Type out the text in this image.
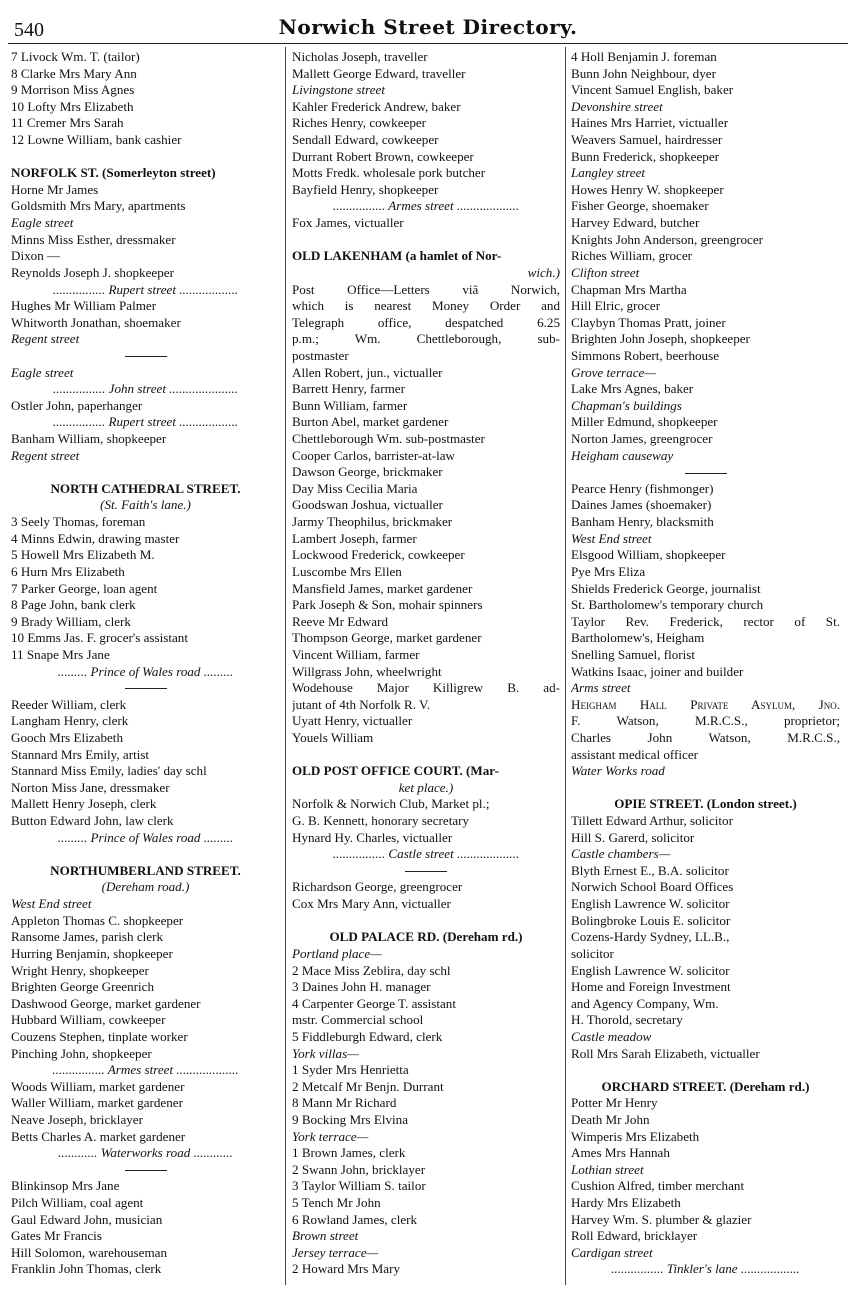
540	Norwich Street Directory.
7 Livock Wm. T. (tailor)
8 Clarke Mrs Mary Ann
9 Morrison Miss Agnes
10 Lofty Mrs Elizabeth
11 Cremer Mrs Sarah
12 Lowne William, bank cashier
NORFOLK ST. (Somerleyton street)
Horne Mr James
Goldsmith Mrs Mary, apartments
Eagle street
Minns Miss Esther, dressmaker
Dixon —
Reynolds Joseph J. shopkeeper
................ Rupert street ..................
Hughes Mr William Palmer
Whitworth Jonathan, shoemaker
Regent street
Eagle street
................ John street .....................
Ostler John, paperhanger
................ Rupert street ..................
Banham William, shopkeeper
Regent street
NORTH CATHEDRAL STREET.
(St. Faith's lane.)
3 Seely Thomas, foreman
4 Minns Edwin, drawing master
5 Howell Mrs Elizabeth M.
6 Hurn Mrs Elizabeth
7 Parker George, loan agent
8 Page John, bank clerk
9 Brady William, clerk
10 Emms Jas. F. grocer's assistant
11 Snape Mrs Jane
......... Prince of Wales road .........
Reeder William, clerk
Langham Henry, clerk
Gooch Mrs Elizabeth
Stannard Mrs Emily, artist
Stannard Miss Emily, ladies' day schl
Norton Miss Jane, dressmaker
Mallett Henry Joseph, clerk
Button Edward John, law clerk
......... Prince of Wales road .........
NORTHUMBERLAND STREET.
(Dereham road.)
West End street
Appleton Thomas C. shopkeeper
Ransome James, parish clerk
Hurring Benjamin, shopkeeper
Wright Henry, shopkeeper
Brighten George Greenrich
Dashwood George, market gardener
Hubbard William, cowkeeper
Couzens Stephen, tinplate worker
Pinching John, shopkeeper
................ Armes street ...................
Woods William, market gardener
Waller William, market gardener
Neave Joseph, bricklayer
Betts Charles A. market gardener
............ Waterworks road ............
Blinkinsop Mrs Jane
Pilch William, coal agent
Gaul Edward John, musician
Gates Mr Francis
Hill Solomon, warehouseman
Franklin John Thomas, clerk
Nicholas Joseph, traveller
Mallett George Edward, traveller
Livingstone street
Kahler Frederick Andrew, baker
Riches Henry, cowkeeper
Sendall Edward, cowkeeper
Durrant Robert Brown, cowkeeper
Motts Fredk. wholesale pork butcher
Bayfield Henry, shopkeeper
................ Armes street ...................
Fox James, victualler
OLD LAKENHAM (a hamlet of Nor-
wich.)
Post Office—Letters viâ Norwich,
which is nearest Money Order and
Telegraph office, despatched 6.25
p.m.; Wm. Chettleborough, sub-
postmaster
Allen Robert, jun., victualler
Barrett Henry, farmer
Bunn William, farmer
Burton Abel, market gardener
Chettleborough Wm. sub-postmaster
Cooper Carlos, barrister-at-law
Dawson George, brickmaker
Day Miss Cecilia Maria
Goodswan Joshua, victualler
Jarmy Theophilus, brickmaker
Lambert Joseph, farmer
Lockwood Frederick, cowkeeper
Luscombe Mrs Ellen
Mansfield James, market gardener
Park Joseph & Son, mohair spinners
Reeve Mr Edward
Thompson George, market gardener
Vincent William, farmer
Willgrass John, wheelwright
Wodehouse Major Killigrew B. ad-
jutant of 4th Norfolk R. V.
Uyatt Henry, victualler
Youels William
OLD POST OFFICE COURT. (Mar-
ket place.)
Norfolk & Norwich Club, Market pl.;
G. B. Kennett, honorary secretary
Hynard Hy. Charles, victualler
................ Castle street ...................
Richardson George, greengrocer
Cox Mrs Mary Ann, victualler
OLD PALACE RD. (Dereham rd.)
Portland place—
2 Mace Miss Zeblira, day schl
3 Daines John H. manager
4 Carpenter George T. assistant
mstr. Commercial school
5 Fiddleburgh Edward, clerk
York villas—
1 Syder Mrs Henrietta
2 Metcalf Mr Benjn. Durrant
8 Mann Mr Richard
9 Bocking Mrs Elvina
York terrace—
1 Brown James, clerk
2 Swann John, bricklayer
3 Taylor William S. tailor
5 Tench Mr John
6 Rowland James, clerk
Brown street
Jersey terrace—
2 Howard Mrs Mary
4 Holl Benjamin J. foreman
Bunn John Neighbour, dyer
Vincent Samuel English, baker
Devonshire street
Haines Mrs Harriet, victualler
Weavers Samuel, hairdresser
Bunn Frederick, shopkeeper
Langley street
Howes Henry W. shopkeeper
Fisher George, shoemaker
Harvey Edward, butcher
Knights John Anderson, greengrocer
Riches William, grocer
Clifton street
Chapman Mrs Martha
Hill Elric, grocer
Claybyn Thomas Pratt, joiner
Brighten John Joseph, shopkeeper
Simmons Robert, beerhouse
Grove terrace—
Lake Mrs Agnes, baker
Chapman's buildings
Miller Edmund, shopkeeper
Norton James, greengrocer
Heigham causeway
Pearce Henry (fishmonger)
Daines James (shoemaker)
Banham Henry, blacksmith
West End street
Elsgood William, shopkeeper
Pye Mrs Eliza
Shields Frederick George, journalist
St. Bartholomew's temporary church
Taylor Rev. Frederick, rector of St.
Bartholomew's, Heigham
Snelling Samuel, florist
Watkins Isaac, joiner and builder
Arms street
Heigham Hall Private Asylum, Jno.
F. Watson, M.R.C.S., proprietor;
Charles John Watson, M.R.C.S.,
assistant medical officer
Water Works road
OPIE STREET. (London street.)
Tillett Edward Arthur, solicitor
Hill S. Garerd, solicitor
Castle chambers—
Blyth Ernest E., B.A. solicitor
Norwich School Board Offices
English Lawrence W. solicitor
Bolingbroke Louis E. solicitor
Cozens-Hardy Sydney, LL.B.,
solicitor
English Lawrence W. solicitor
Home and Foreign Investment
and Agency Company, Wm.
H. Thorold, secretary
Castle meadow
Roll Mrs Sarah Elizabeth, victualler
ORCHARD STREET. (Dereham rd.)
Potter Mr Henry
Death Mr John
Wimperis Mrs Elizabeth
Ames Mrs Hannah
Lothian street
Cushion Alfred, timber merchant
Hardy Mrs Elizabeth
Harvey Wm. S. plumber & glazier
Roll Edward, bricklayer
Cardigan street
................ Tinkler's lane ..................
